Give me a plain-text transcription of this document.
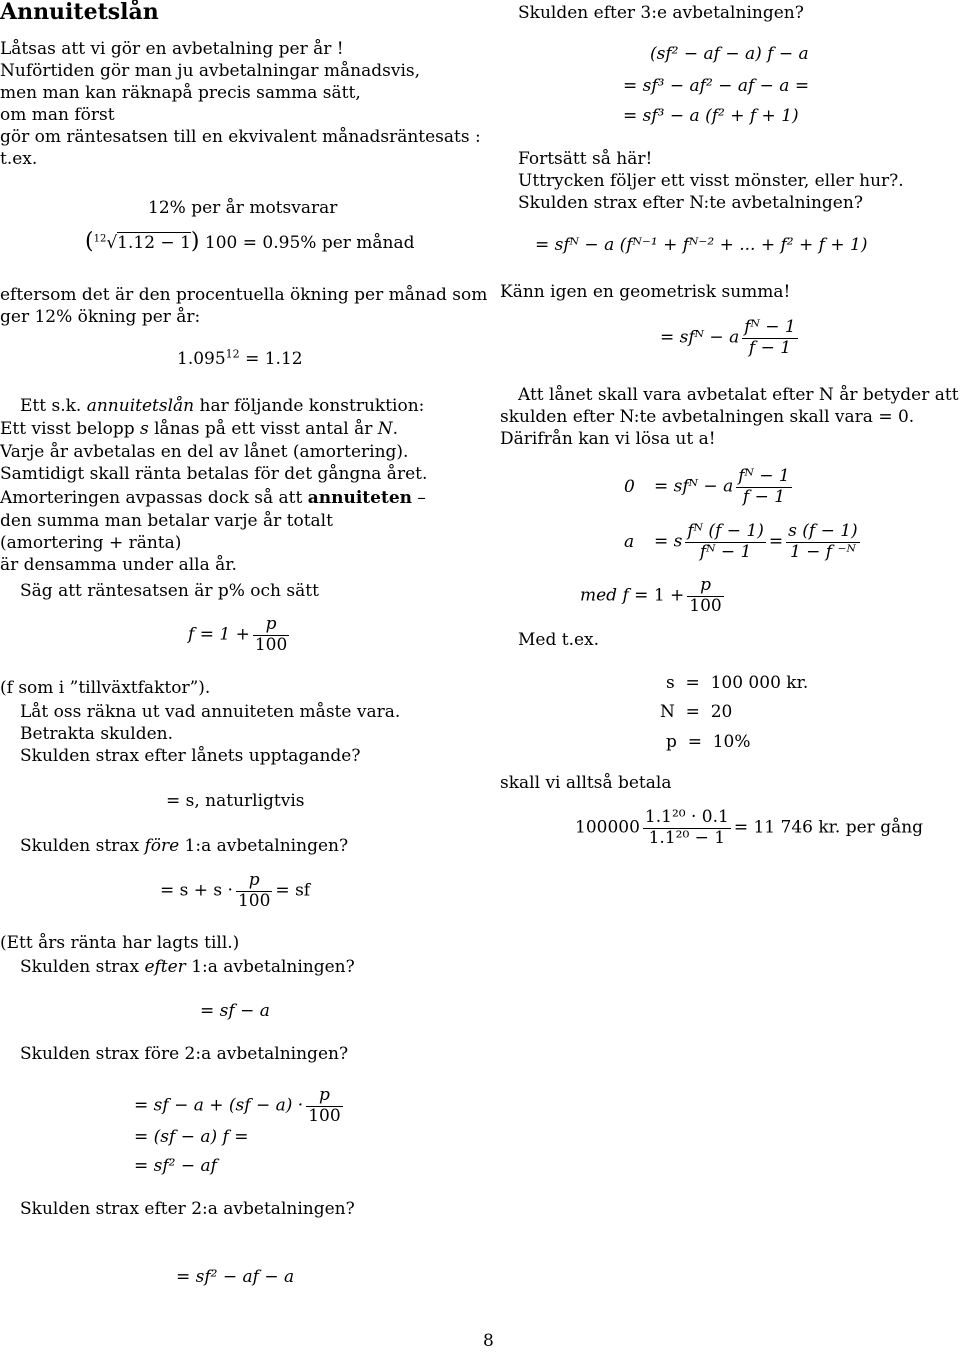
Annuitetslån
Låtsas att vi gör en avbetalning per år !
Nuförtiden gör man ju avbetalningar månadsvis,
men man kan räknapå precis samma sätt,
om man först
gör om räntesatsen till en ekvivalent månadsräntesats :
t.ex.
12% per år motsvarar
($^{12}$√1.12 − 1) 100 = 0.95% per månad
eftersom det är den procentuella ökning per månad som
ger 12% ökning per år:
$1.095^{12} = 1.12$
Ett s.k. annuitetslån har följande konstruktion:
Ett visst belopp s lånas på ett visst antal år N.
Varje år avbetalas en del av lånet (amortering).
Samtidigt skall ränta betalas för det gångna året.
Amorteringen avpassas dock så att annuiteten –
den summa man betalar varje år totalt
(amortering + ränta)
är densamma under alla år.
Säg att räntesatsen är p% och sätt
$f = 1 + \frac{p}{100}$
(f som i ”tillväxtfaktor”).
Låt oss räkna ut vad annuiteten måste vara.
Betrakta skulden.
Skulden strax efter lånets upptagande?
= s, naturligtvis
Skulden strax före 1:a avbetalningen?
= $s + s \cdot \frac{p}{100}$ = sf
(Ett års ränta har lagts till.)
Skulden strax efter 1:a avbetalningen?
= sf − a
Skulden strax före 2:a avbetalningen?
= sf − $a + (sf - a) \cdot \frac{p}{100}$
= (sf − a) f =
= sf² − af
Skulden strax efter 2:a avbetalningen?
= sf² − af − a
Skulden efter 3:e avbetalningen?
(sf² − af − a) f − a
= sf³ − af² − af − a =
= sf³ − a (f² + f + 1)
Fortsätt så här!
Uttrycken följer ett visst mönster, eller hur?.
Skulden strax efter N:te avbetalningen?
= sfᴺ − a (fᴺ⁻¹ + fᴺ⁻² + ... + f² + f + 1)
Känn igen en geometrisk summa!
= sfᴺ − a $\frac{\text{fᴺ − 1}}{f - 1}$
Att lånet skall vara avbetalat efter N år betyder att
skulden efter N:te avbetalningen skall vara = 0.
Därifrån kan vi lösa ut a!
0 = sfᴺ − a $\frac{\text{fᴺ − 1}}{f - 1}$
a = s $\frac{\text{fᴺ (f − 1)}}{\text{fᴺ − 1}} = \frac{s (f - 1)}{\text{1 − f ⁻ᴺ}}$
med $f = 1 + \frac{p}{100}$
Med t.ex.
s  =  100 000 kr.
N  =  20
p  =  10%
skall vi alltså betala
$100000 \frac{\text{1.1²⁰ · 0.1}}{\text{1.1²⁰ − 1}} = 11$ 746 kr. per gång
8
